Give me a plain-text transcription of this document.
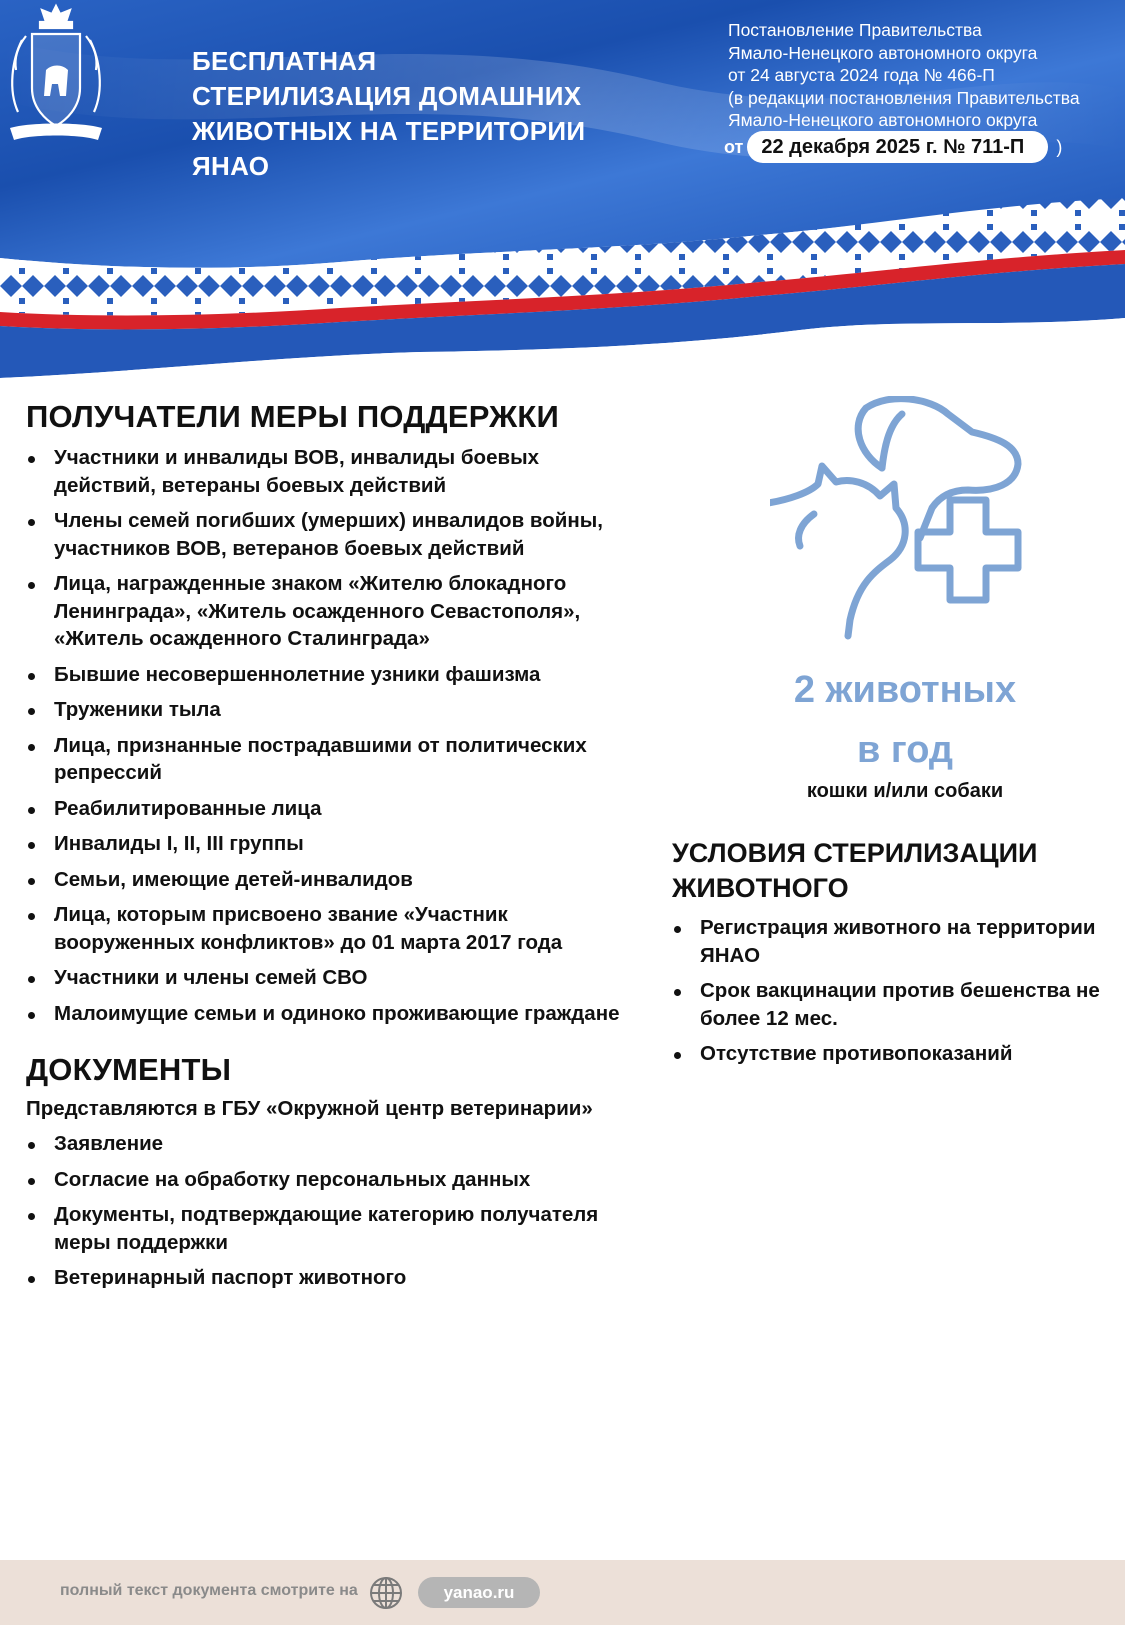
БЕСПЛАТНАЯ
СТЕРИЛИЗАЦИЯ ДОМАШНИХ
ЖИВОТНЫХ НА ТЕРРИТОРИИ
ЯНАО
Постановление Правительства
Ямало-Ненецкого автономного округа
от 24 августа 2024 года № 466-П
(в редакции постановления Правительства
Ямало-Ненецкого автономного округа
от 22 декабря 2025 г. № 711-П	)
ПОЛУЧАТЕЛИ МЕРЫ ПОДДЕРЖКИ
Участники и инвалиды ВОВ, инвалиды боевых действий, ветераны боевых действий
Члены семей погибших (умерших) инвалидов войны, участников ВОВ, ветеранов боевых действий
Лица, награжденные знаком «Жителю блокадного Ленинграда», «Житель осажденного Севастополя», «Житель осажденного Сталинграда»
Бывшие несовершеннолетние узники фашизма
Труженики тыла
Лица, признанные пострадавшими от политических репрессий
Реабилитированные лица
Инвалиды I, II, III группы
Семьи, имеющие детей-инвалидов
Лица, которым присвоено звание «Участник вооруженных конфликтов» до 01 марта 2017 года
Участники и члены семей СВО
Малоимущие семьи и одиноко проживающие граждане
ДОКУМЕНТЫ
Представляются в ГБУ «Окружной центр ветеринарии»
Заявление
Согласие на обработку персональных данных
Документы, подтверждающие категорию получателя меры поддержки
Ветеринарный паспорт животного
2 животных
в год
кошки и/или собаки
УСЛОВИЯ СТЕРИЛИЗАЦИИ
ЖИВОТНОГО
Регистрация животного на территории ЯНАО
Срок вакцинации против бешенства не более 12 мес.
Отсутствие противопоказаний
полный текст документа смотрите на	yanao.ru
